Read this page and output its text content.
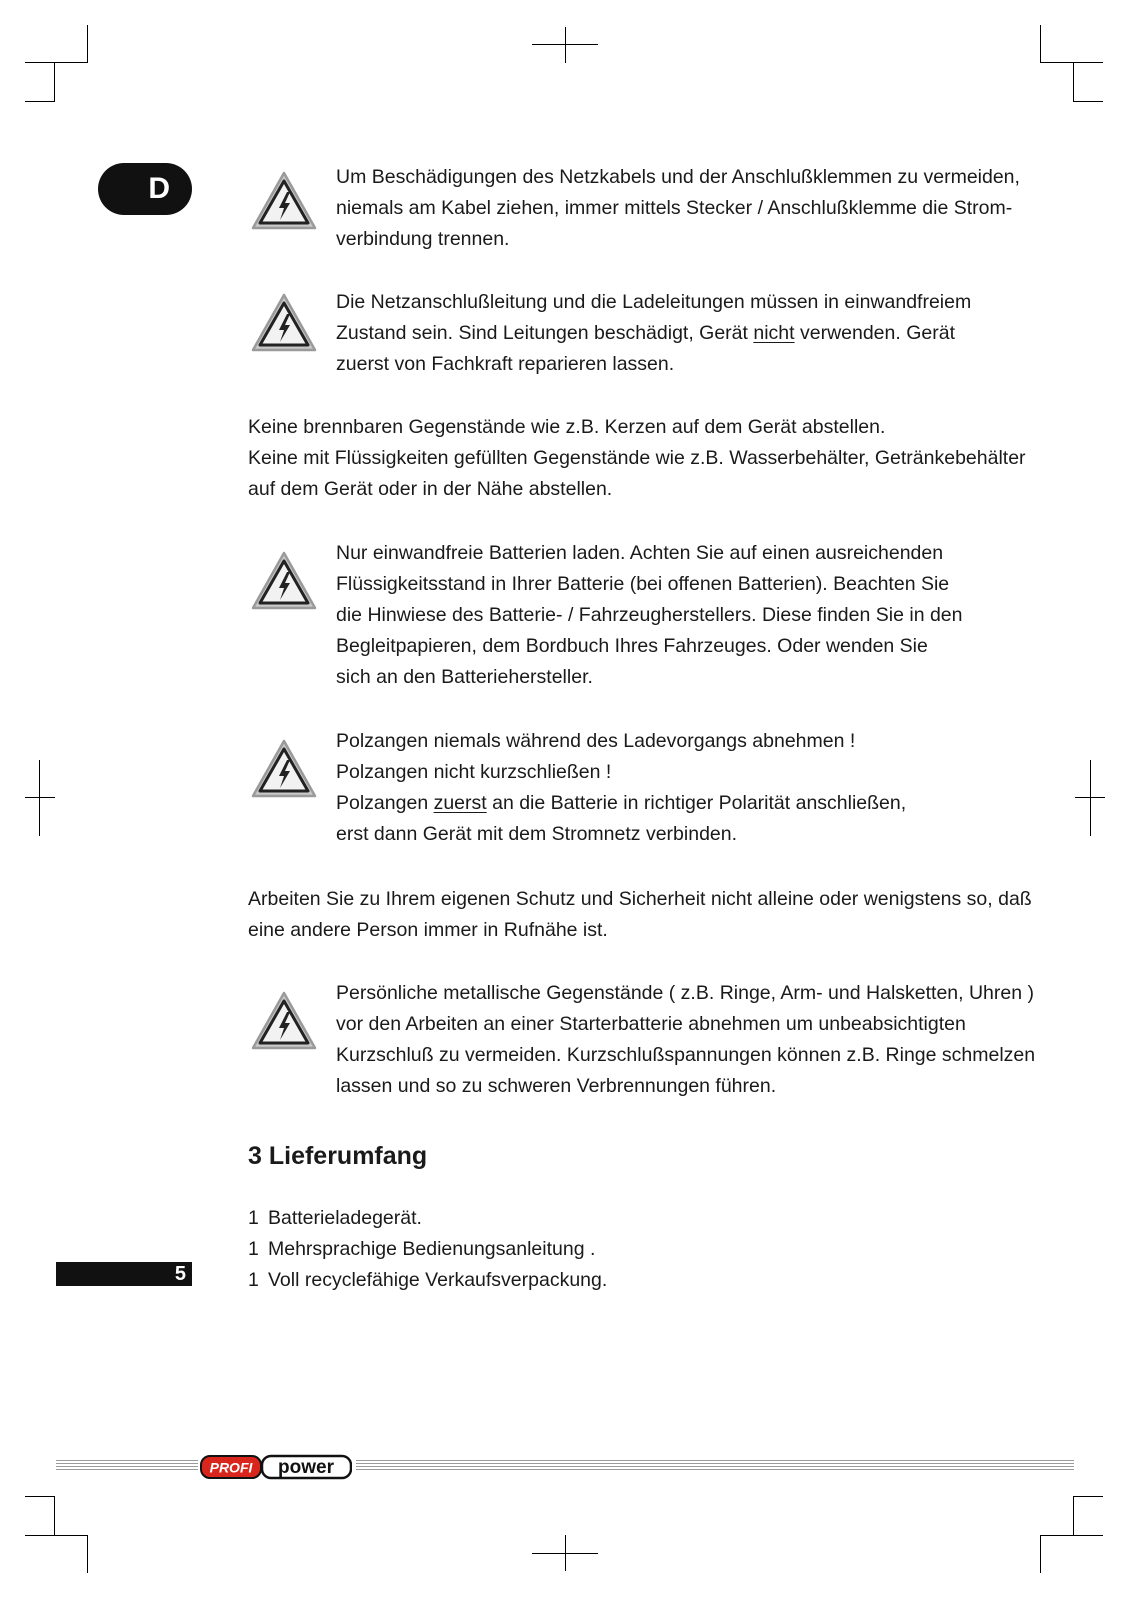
D	Um Beschädigungen des Netzkabels und der Anschlußklemmen zu vermeiden,
niemals am Kabel ziehen, immer mittels Stecker / Anschlußklemme die Strom-
verbindung trennen.
Die Netzanschlußleitung und die Ladeleitungen müssen in einwandfreiem
Zustand sein. Sind Leitungen beschädigt, Gerät nicht verwenden. Gerät
zuerst von Fachkraft reparieren lassen.
Keine brennbaren Gegenstände wie z.B. Kerzen auf dem Gerät abstellen.
Keine mit Flüssigkeiten gefüllten Gegenstände wie z.B. Wasserbehälter, Getränkebehälter
auf dem Gerät oder in der Nähe abstellen.
Nur einwandfreie Batterien laden. Achten Sie auf einen ausreichenden
Flüssigkeitsstand in Ihrer Batterie (bei offenen Batterien). Beachten Sie
die Hinwiese des Batterie- / Fahrzeugherstellers. Diese finden Sie in den
Begleitpapieren, dem Bordbuch Ihres Fahrzeuges. Oder wenden Sie
sich an den Batteriehersteller.
Polzangen niemals während des Ladevorgangs abnehmen !
Polzangen nicht kurzschließen !
Polzangen zuerst an die Batterie in richtiger Polarität anschließen,
erst dann Gerät mit dem Stromnetz verbinden.
Arbeiten Sie zu Ihrem eigenen Schutz und Sicherheit nicht alleine oder wenigstens so, daß
eine andere Person immer in Rufnähe ist.
Persönliche metallische Gegenstände ( z.B. Ringe, Arm- und Halsketten, Uhren )
vor den Arbeiten an einer Starterbatterie abnehmen um unbeabsichtigten
Kurzschluß zu vermeiden. Kurzschlußspannungen können z.B. Ringe schmelzen
lassen und so zu schweren Verbrennungen führen.
3 Lieferumfang
1 Batterieladegerät.
1 Mehrsprachige Bedienungsanleitung .
1 Voll recyclefähige Verkaufsverpackung.
5
PROFI power
